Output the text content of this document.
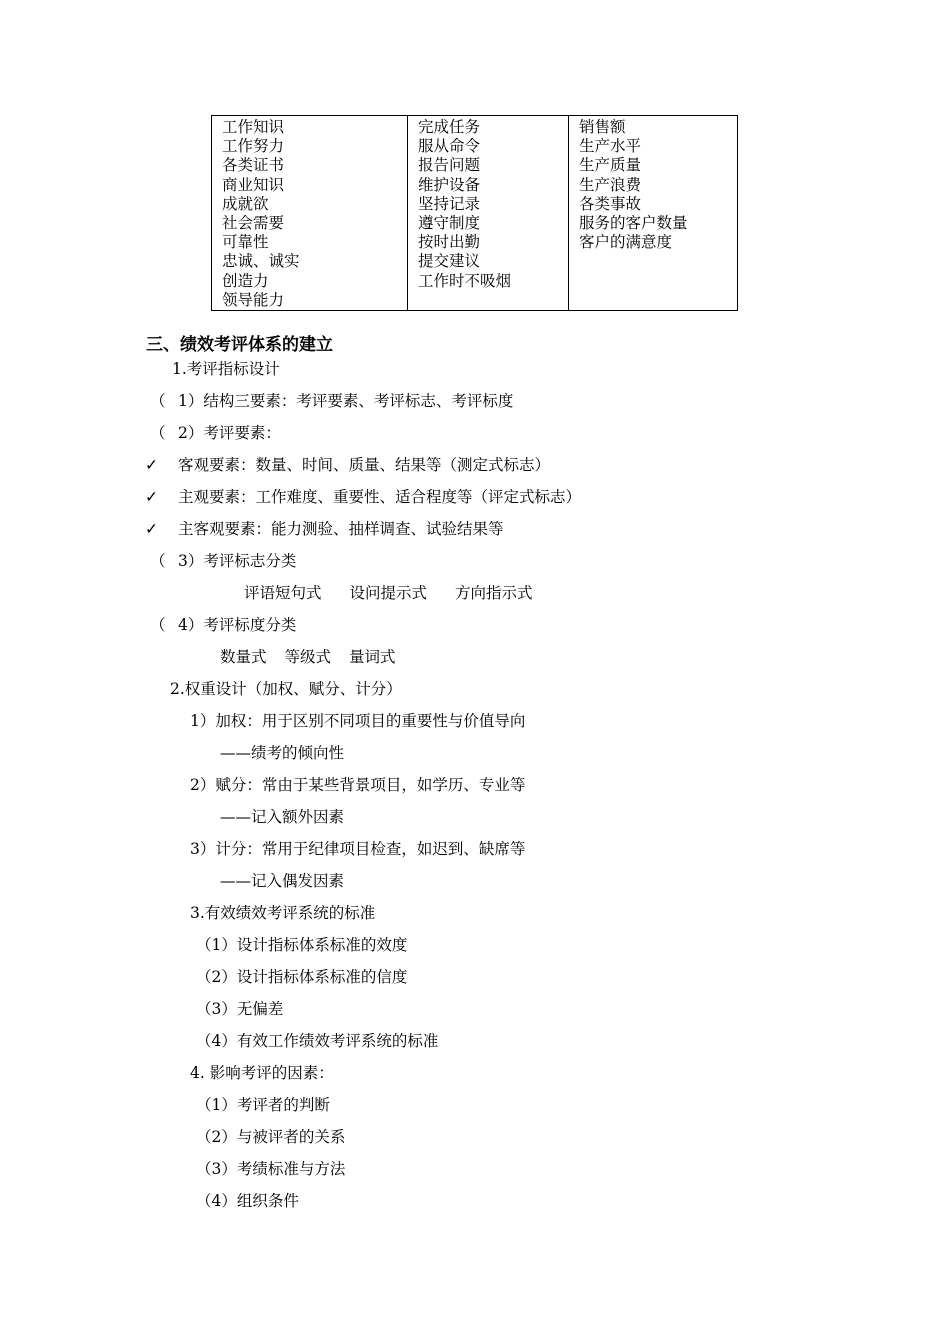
工作知识
工作努力
各类证书
商业知识
成就欲
社会需要
可靠性
忠诚、诚实
创造力
领导能力

完成任务
服从命令
报告问题
维护设备
坚持记录
遵守制度
按时出勤
提交建议
工作时不吸烟

销售额
生产水平
生产质量
生产浪费
各类事故
服务的客户数量
客户的满意度
三、绩效考评体系的建立
1.考评指标设计
（ 1）结构三要素：考评要素、考评标志、考评标度
（ 2）考评要素：
✓ 客观要素：数量、时间、质量、结果等（测定式标志）
✓ 主观要素：工作难度、重要性、适合程度等（评定式标志）
✓ 主客观要素：能力测验、抽样调查、试验结果等
（ 3）考评标志分类
评语短句式 设问提示式 方向指示式
（ 4）考评标度分类
数量式 等级式 量词式
2.权重设计（加权、赋分、计分）
1）加权：用于区别不同项目的重要性与价值导向
——绩考的倾向性
2）赋分：常由于某些背景项目，如学历、专业等
——记入额外因素
3）计分：常用于纪律项目检查，如迟到、缺席等
——记入偶发因素
3.有效绩效考评系统的标准
（1）设计指标体系标准的效度
（2）设计指标体系标准的信度
（3）无偏差
（4）有效工作绩效考评系统的标准
4. 影响考评的因素：
（1）考评者的判断
（2）与被评者的关系
（3）考绩标准与方法
（4）组织条件
